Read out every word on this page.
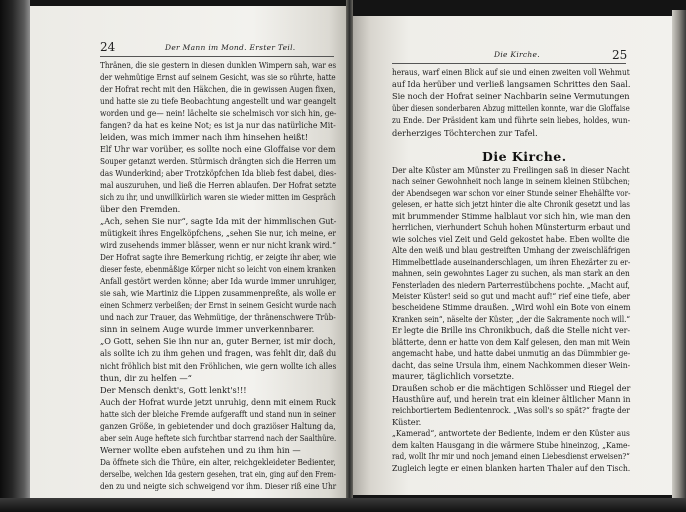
24	Der Mann im Mond. Erster Teil.
Die Kirche.	25
Thränen, die sie gestern in diesen dunklen Wimpern sah, war es
der wehmütige Ernst auf seinem Gesicht, was sie so rührte, hatte
der Hofrat recht mit den Häkchen, die in gewissen Augen fixen,
und hatte sie zu tiefe Beobachtung angestellt und war geangelt
worden und ge— nein! lächelte sie schelmisch vor sich hin, ge-
fangen? da hat es keine Not; es ist ja nur das natürliche Mit-
leiden, was mich immer nach ihm hinsehen heißt!
Elf Uhr war vorüber, es sollte noch eine Gloffaise vor dem
Souper getanzt werden. Stürmisch drängten sich die Herren um
das Wunderkind; aber Trotzköpfchen Ida blieb fest dabei, dies-
mal auszuruhen, und ließ die Herren ablaufen. Der Hofrat setzte
sich zu ihr, und unwillkürlich waren sie wieder mitten im Gespräch
über den Fremden.
„Ach, sehen Sie nur“, sagte Ida mit der himmlischen Gut-
mütigkeit ihres Engelköpfchens, „sehen Sie nur, ich meine, er
wird zusehends immer blässer, wenn er nur nicht krank wird.“
Der Hofrat sagte ihre Bemerkung richtig, er zeigte ihr aber, wie
dieser feste, ebenmäßige Körper nicht so leicht von einem kranken
Anfall gestört werden könne; aber Ida wurde immer unruhiger,
sie sah, wie Martiniz die Lippen zusammenpreßte, als wolle er
einen Schmerz verbeißen; der Ernst in seinem Gesicht wurde nach
und nach zur Trauer, das Wehmütige, der thränenschwere Trüb-
sinn in seinem Auge wurde immer unverkennbarer.
„O Gott, sehen Sie ihn nur an, guter Berner, ist mir doch,
als sollte ich zu ihm gehen und fragen, was fehlt dir, daß du
nicht fröhlich bist mit den Fröhlichen, wie gern wollte ich alles
thun, dir zu helfen —“
Der Mensch denkt's, Gott lenkt's!!!
Auch der Hofrat wurde jetzt unruhig, denn mit einem Ruck
hatte sich der bleiche Fremde aufgerafft und stand nun in seiner
ganzen Größe, in gebietender und doch graziöser Haltung da,
aber sein Auge heftete sich furchtbar starrend nach der Saalthüre.
Werner wollte eben aufstehen und zu ihm hin —
Da öffnete sich die Thüre, ein alter, reichgekleideter Bedienter,
derselbe, welchen Ida gestern gesehen, trat ein, ging auf den Frem-
den zu und neigte sich schweigend vor ihm. Dieser riß eine Uhr
heraus, warf einen Blick auf sie und einen zweiten voll Wehmut
auf Ida herüber und verließ langsamen Schrittes den Saal.
Sie noch der Hofrat seiner Nachbarin seine Vermutungen
über diesen sonderbaren Abzug mitteilen konnte, war die Gloffaise
zu Ende. Der Präsident kam und führte sein liebes, holdes, wun-
derherziges Töchterchen zur Tafel.
Die Kirche.
Der alte Küster am Münster zu Freilingen saß in dieser Nacht
nach seiner Gewohnheit noch lange in seinem kleinen Stübchen;
der Abendsegen war schon vor einer Stunde seiner Ehehälfte vor-
gelesen, er hatte sich jetzt hinter die alte Chronik gesetzt und las
mit brummender Stimme halblaut vor sich hin, wie man den
herrlichen, vierhundert Schuh hohen Münsterturm erbaut und
wie solches viel Zeit und Geld gekostet habe. Eben wollte die
Alte den weiß und blau gestreiften Umhang der zweischläfrigen
Himmelbettlade auseinanderschlagen, um ihren Ehezärter zu er-
mahnen, sein gewohntes Lager zu suchen, als man stark an den
Fensterladen des niedern Parterrestübchens pochte. „Macht auf,
Meister Küster! seid so gut und macht auf!“ rief eine tiefe, aber
bescheidene Stimme draußen. „Wird wohl ein Bote von einem
Kranken sein“, näselte der Küster, „der die Sakramente noch will.“
Er legte die Brille ins Chronikbuch, daß die Stelle nicht ver-
blätterte, denn er hatte von dem Kalf gelesen, den man mit Wein
angemacht habe, und hatte dabei unmutig an das Dümmbier ge-
dacht, das seine Ursula ihm, einem Nachkommen dieser Wein-
maurer, täglichlich vorsetzte.
Draußen schob er die mächtigen Schlösser und Riegel der
Hausthüre auf, und herein trat ein kleiner ältlicher Mann in
reichbortiertem Bedientenrock. „Was soll's so spät?“ fragte der
Küster.
„Kamerad“, antwortete der Bediente, indem er den Küster aus
dem kalten Hausgang in die wärmere Stube hineinzog, „Kame-
rad, wollt Ihr mir und noch jemand einen Liebesdienst erweisen?“
Zugleich legte er einen blanken harten Thaler auf den Tisch.
